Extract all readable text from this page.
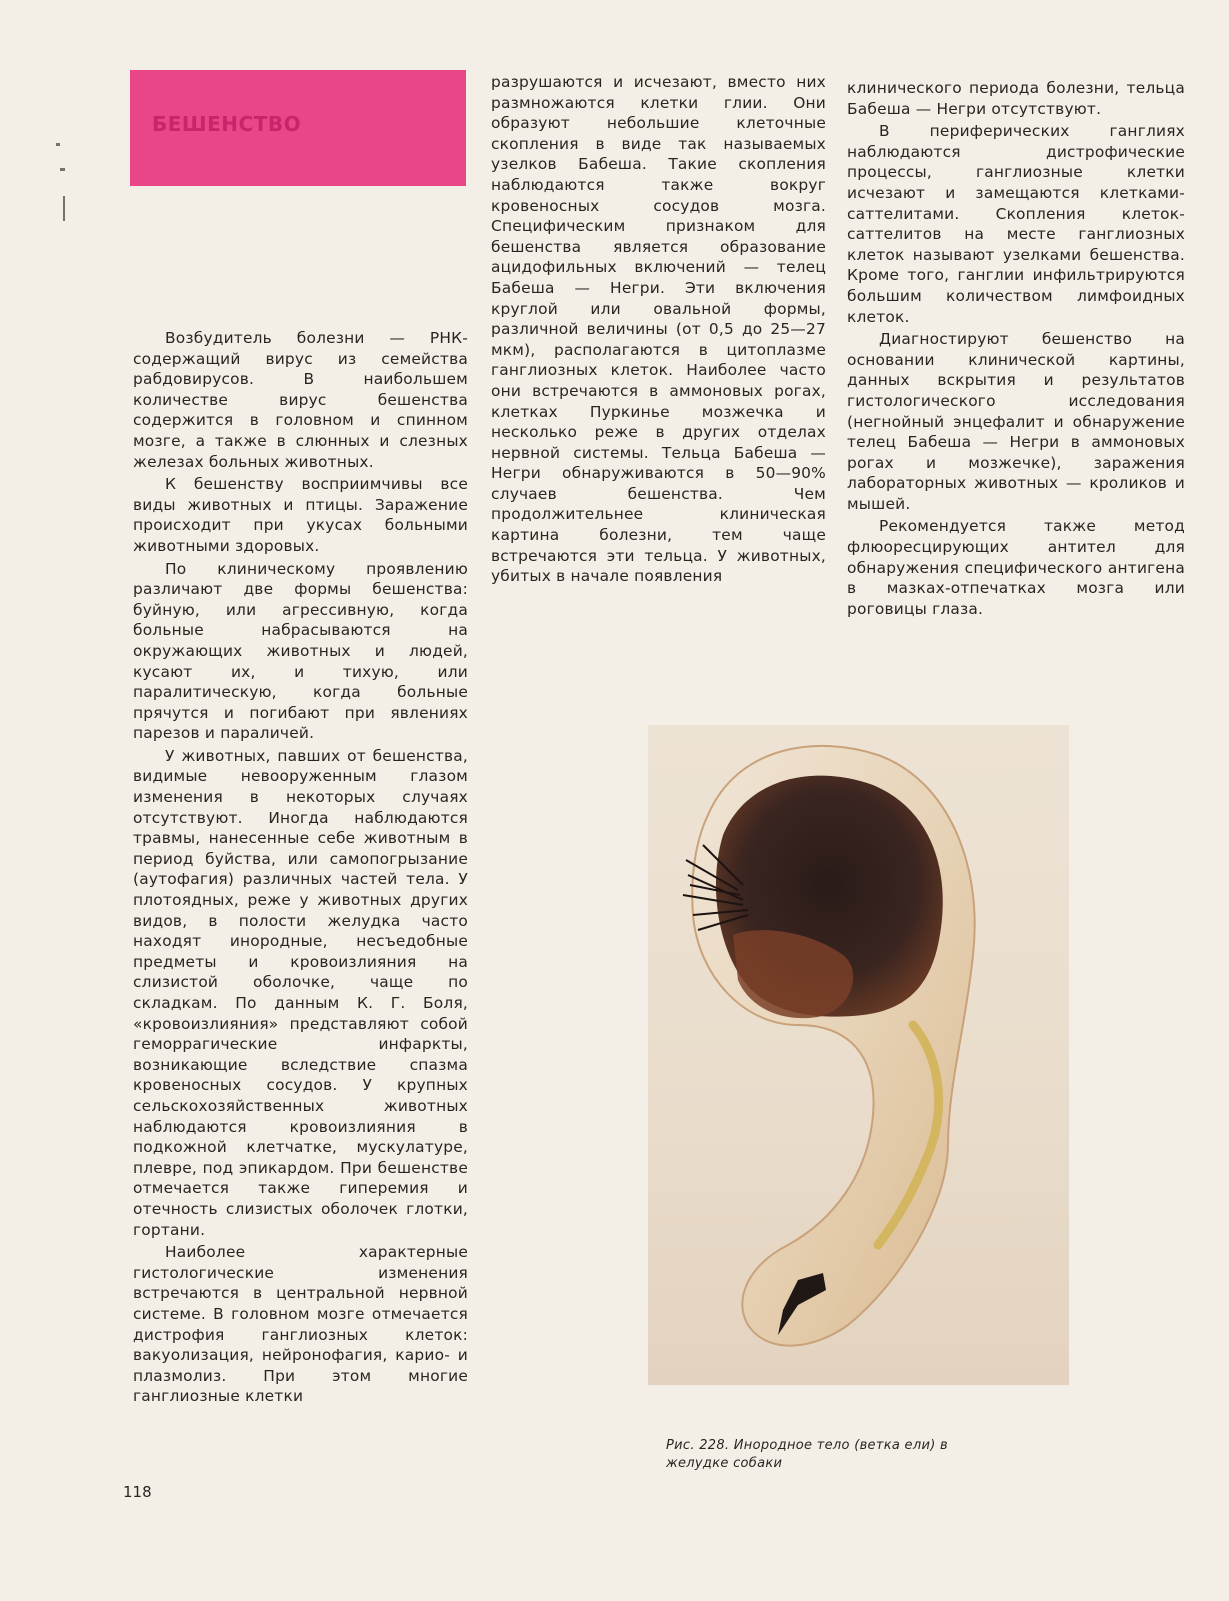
БЕШЕНСТВО

Возбудитель болезни — РНК-содержащий вирус из семейства рабдовирусов. В наибольшем количестве вирус бешенства содержится в головном и спинном мозге, а также в слюнных и слезных железах больных животных.

К бешенству восприимчивы все виды животных и птицы. Заражение происходит при укусах больными животными здоровых.

По клиническому проявлению различают две формы бешенства: буйную, или агрессивную, когда больные набрасываются на окружающих животных и людей, кусают их, и тихую, или паралитическую, когда больные прячутся и погибают при явлениях парезов и параличей.

У животных, павших от бешенства, видимые невооруженным глазом изменения в некоторых случаях отсутствуют. Иногда наблюдаются травмы, нанесенные себе животным в период буйства, или самопогрызание (аутофагия) различных частей тела. У плотоядных, реже у животных других видов, в полости желудка часто находят инородные, несъедобные предметы и кровоизлияния на слизистой оболочке, чаще по складкам. По данным К. Г. Боля, «кровоизлияния» представляют собой геморрагические инфаркты, возникающие вследствие спазма кровеносных сосудов. У крупных сельскохозяйственных животных наблюдаются кровоизлияния в подкожной клетчатке, мускулатуре, плевре, под эпикардом. При бешенстве отмечается также гиперемия и отечность слизистых оболочек глотки, гортани.

Наиболее характерные гистологические изменения встречаются в центральной нервной системе. В головном мозге отмечается дистрофия ганглиозных клеток: вакуолизация, нейронофагия, карио- и плазмолиз. При этом многие ганглиозные клетки

разрушаются и исчезают, вместо них размножаются клетки глии. Они образуют небольшие клеточные скопления в виде так называемых узелков Бабеша. Такие скопления наблюдаются также вокруг кровеносных сосудов мозга. Специфическим признаком для бешенства является образование ацидофильных включений — телец Бабеша — Негри. Эти включения круглой или овальной формы, различной величины (от 0,5 до 25—27 мкм), располагаются в цитоплазме ганглиозных клеток. Наиболее часто они встречаются в аммоновых рогах, клетках Пуркинье мозжечка и несколько реже в других отделах нервной системы. Тельца Бабеша — Негри обнаруживаются в 50—90% случаев бешенства. Чем продолжительнее клиническая картина болезни, тем чаще встречаются эти тельца. У животных, убитых в начале появления

клинического периода болезни, тельца Бабеша — Негри отсутствуют.

В периферических ганглиях наблюдаются дистрофические процессы, ганглиозные клетки исчезают и замещаются клетками-саттелитами. Скопления клеток-саттелитов на месте ганглиозных клеток называют узелками бешенства. Кроме того, ганглии инфильтрируются большим количеством лимфоидных клеток.

Диагностируют бешенство на основании клинической картины, данных вскрытия и результатов гистологического исследования (негнойный энцефалит и обнаружение телец Бабеша — Негри в аммоновых рогах и мозжечке), заражения лабораторных животных — кроликов и мышей.

Рекомендуется также метод флюоресцирующих антител для обнаружения специфического антигена в мазках-отпечатках мозга или роговицы глаза.

Рис. 228. Инородное тело (ветка ели) в
желудке собаки
118
